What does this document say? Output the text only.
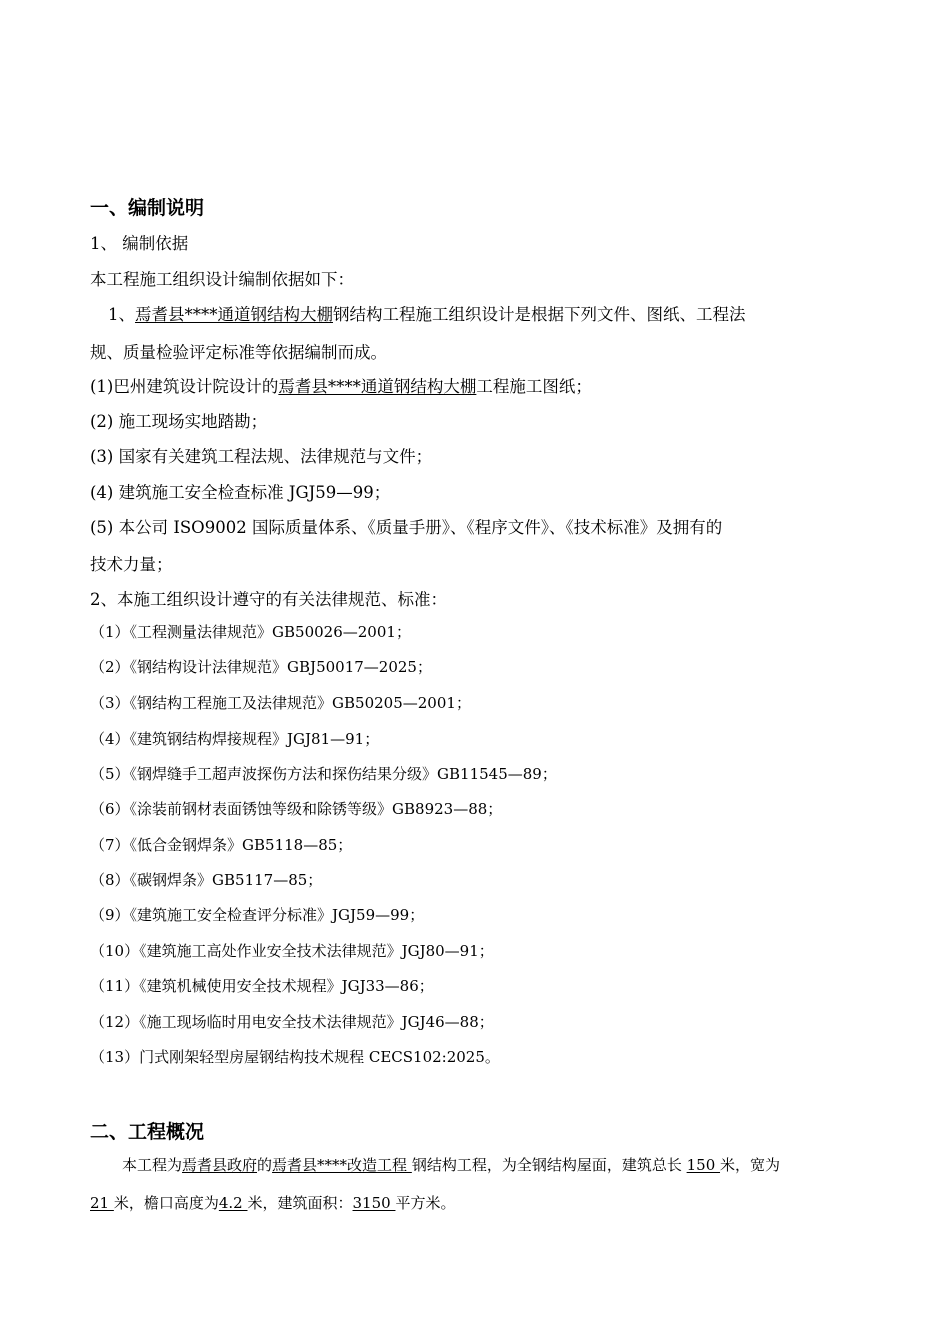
一、编制说明
1、 编制依据
本工程施工组织设计编制依据如下：
1、焉耆县****通道钢结构大棚钢结构工程施工组织设计是根据下列文件、图纸、工程法
规、质量检验评定标准等依据编制而成。
(1)巴州建筑设计院设计的焉耆县****通道钢结构大棚工程施工图纸；
(2) 施工现场实地踏勘；
(3) 国家有关建筑工程法规、法律规范与文件；
(4) 建筑施工安全检查标准 JGJ59—99；
(5) 本公司 ISO9002 国际质量体系、《质量手册》、《程序文件》、《技术标准》及拥有的
技术力量；
2、本施工组织设计遵守的有关法律规范、标准：
（1）《工程测量法律规范》GB50026—2001；
（2）《钢结构设计法律规范》GBJ50017—2025；
（3）《钢结构工程施工及法律规范》GB50205—2001；
（4）《建筑钢结构焊接规程》JGJ81—91；
（5）《钢焊缝手工超声波探伤方法和探伤结果分级》GB11545—89；
（6）《涂装前钢材表面锈蚀等级和除锈等级》GB8923—88；
（7）《低合金钢焊条》GB5118—85；
（8）《碳钢焊条》GB5117—85；
（9）《建筑施工安全检查评分标准》JGJ59—99；
（10）《建筑施工高处作业安全技术法律规范》JGJ80—91；
（11）《建筑机械使用安全技术规程》JGJ33—86；
（12）《施工现场临时用电安全技术法律规范》JGJ46—88；
（13）门式刚架轻型房屋钢结构技术规程 CECS102:2025。
二、工程概况
本工程为焉耆县政府的焉耆县****改造工程 钢结构工程，为全钢结构屋面，建筑总长 150 米，宽为
21 米，檐口高度为4.2 米，建筑面积：3150 平方米。
